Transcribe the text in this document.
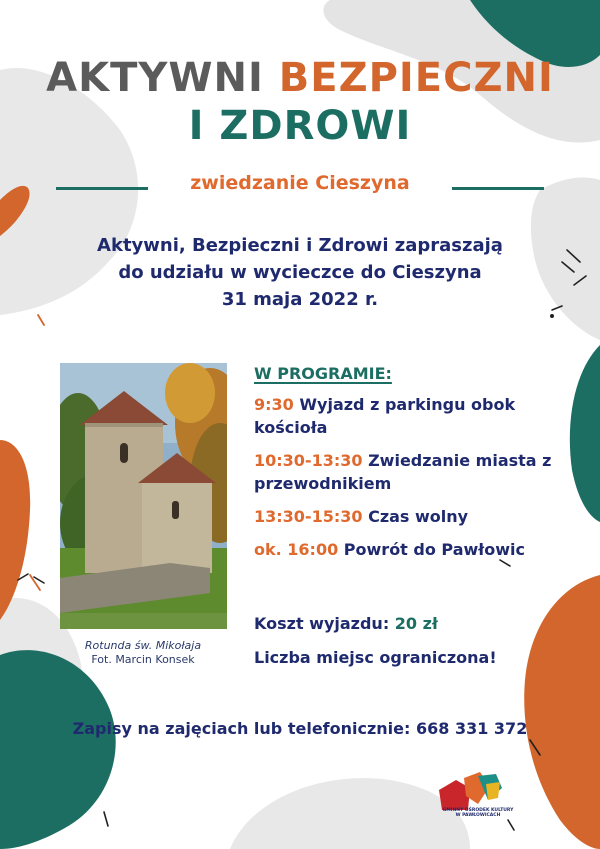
AKTYWNI BEZPIECZNI
I ZDROWI
zwiedzanie Cieszyna
Aktywni, Bezpieczni i Zdrowi zapraszają
do udziału w wycieczce do Cieszyna
31 maja 2022 r.
Rotunda św. Mikołaja
Fot. Marcin Konsek
W PROGRAMIE:
9:30 Wyjazd z parkingu obok kościoła
10:30-13:30 Zwiedzanie miasta z przewodnikiem
13:30-15:30 Czas wolny
ok. 16:00 Powrót do Pawłowic
Koszt wyjazdu: 20 zł
Liczba miejsc ograniczona!
Zapisy na zajęciach lub telefonicznie: 668 331 372
GMINNY OŚRODEK KULTURY
W PAWŁOWICACH
